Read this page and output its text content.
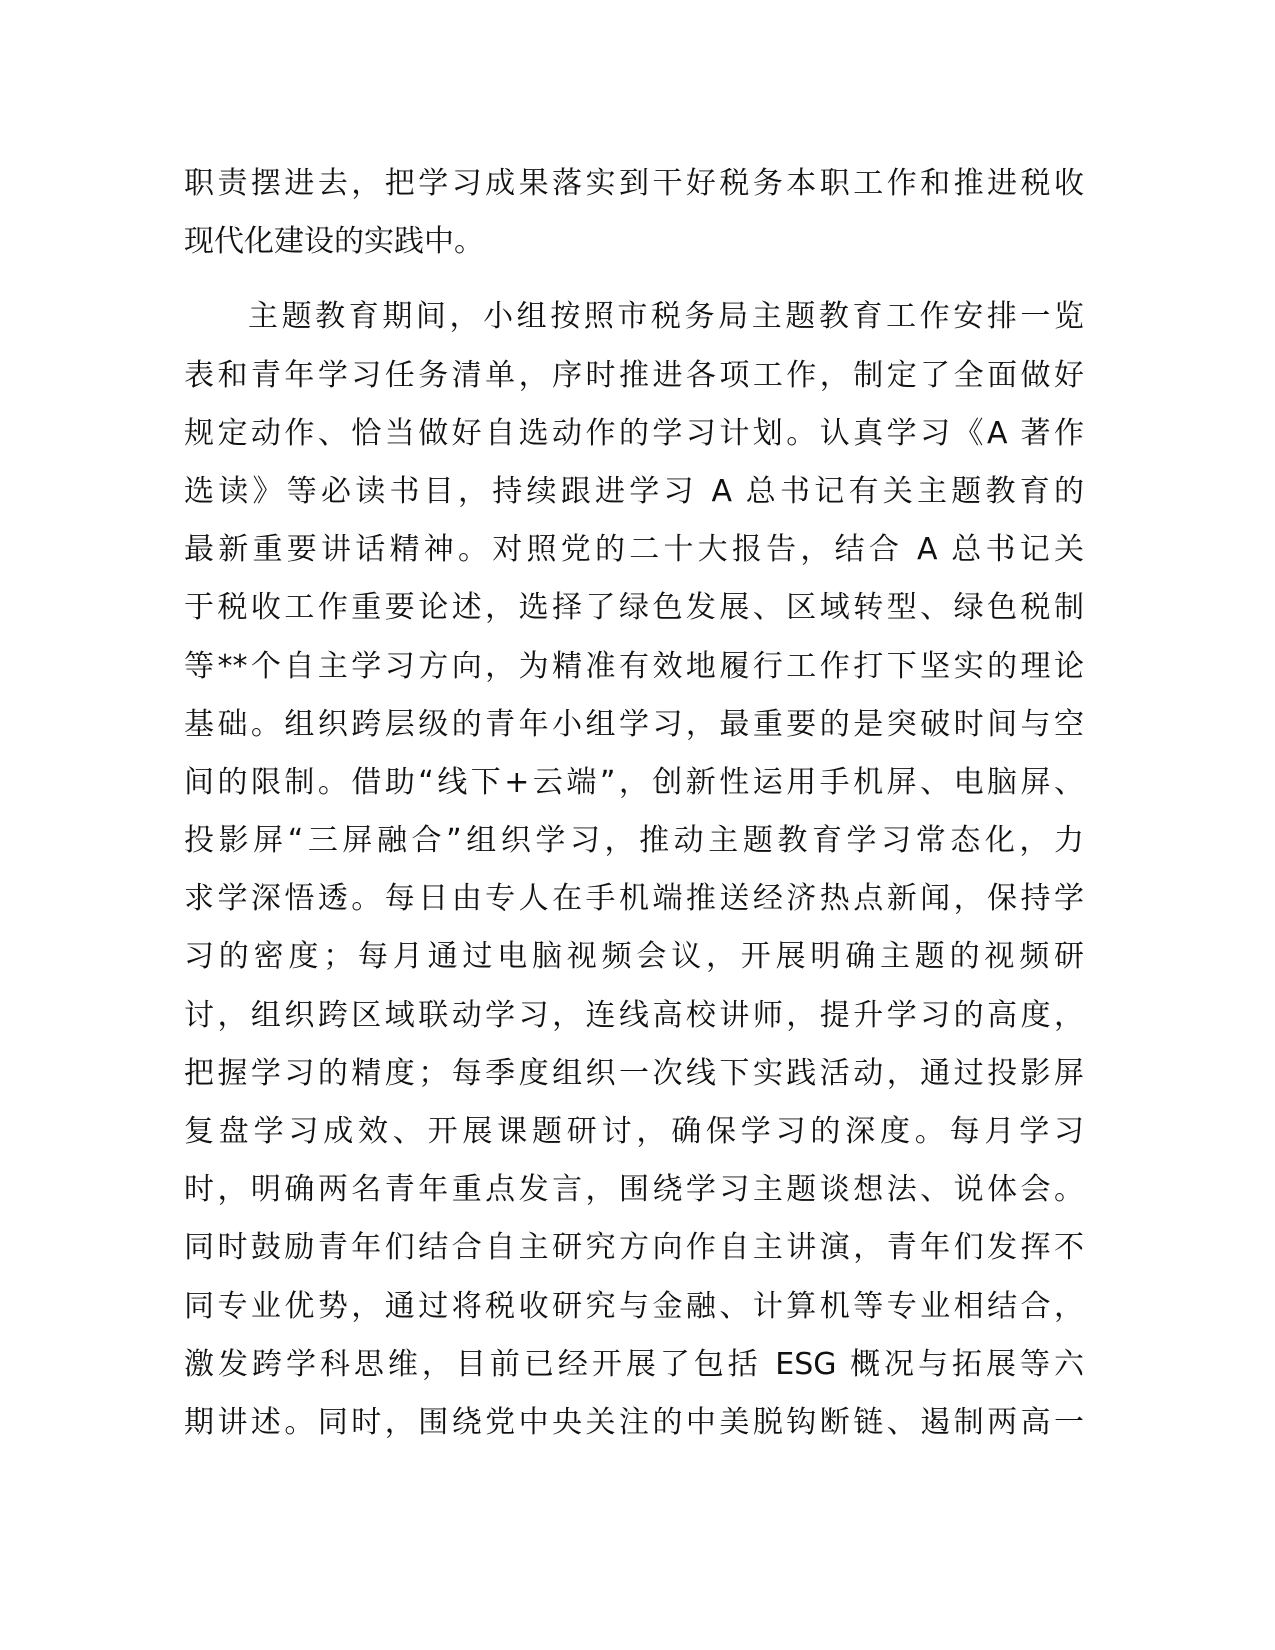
职责摆进去，把学习成果落实到干好税务本职工作和推进税收
现代化建设的实践中。
主题教育期间，小组按照市税务局主题教育工作安排一览
表和青年学习任务清单，序时推进各项工作，制定了全面做好
规定动作、恰当做好自选动作的学习计划。认真学习《A 著作
选读》等必读书目，持续跟进学习 A 总书记有关主题教育的
最新重要讲话精神。对照党的二十大报告，结合 A 总书记关
于税收工作重要论述，选择了绿色发展、区域转型、绿色税制
等**个自主学习方向，为精准有效地履行工作打下坚实的理论
基础。组织跨层级的青年小组学习，最重要的是突破时间与空
间的限制。借助“线下+云端”，创新性运用手机屏、电脑屏、
投影屏“三屏融合”组织学习，推动主题教育学习常态化，力
求学深悟透。每日由专人在手机端推送经济热点新闻，保持学
习的密度；每月通过电脑视频会议，开展明确主题的视频研
讨，组织跨区域联动学习，连线高校讲师，提升学习的高度，
把握学习的精度；每季度组织一次线下实践活动，通过投影屏
复盘学习成效、开展课题研讨，确保学习的深度。每月学习
时，明确两名青年重点发言，围绕学习主题谈想法、说体会。
同时鼓励青年们结合自主研究方向作自主讲演，青年们发挥不
同专业优势，通过将税收研究与金融、计算机等专业相结合，
激发跨学科思维，目前已经开展了包括 ESG 概况与拓展等六
期讲述。同时，围绕党中央关注的中美脱钩断链、遏制两高一
